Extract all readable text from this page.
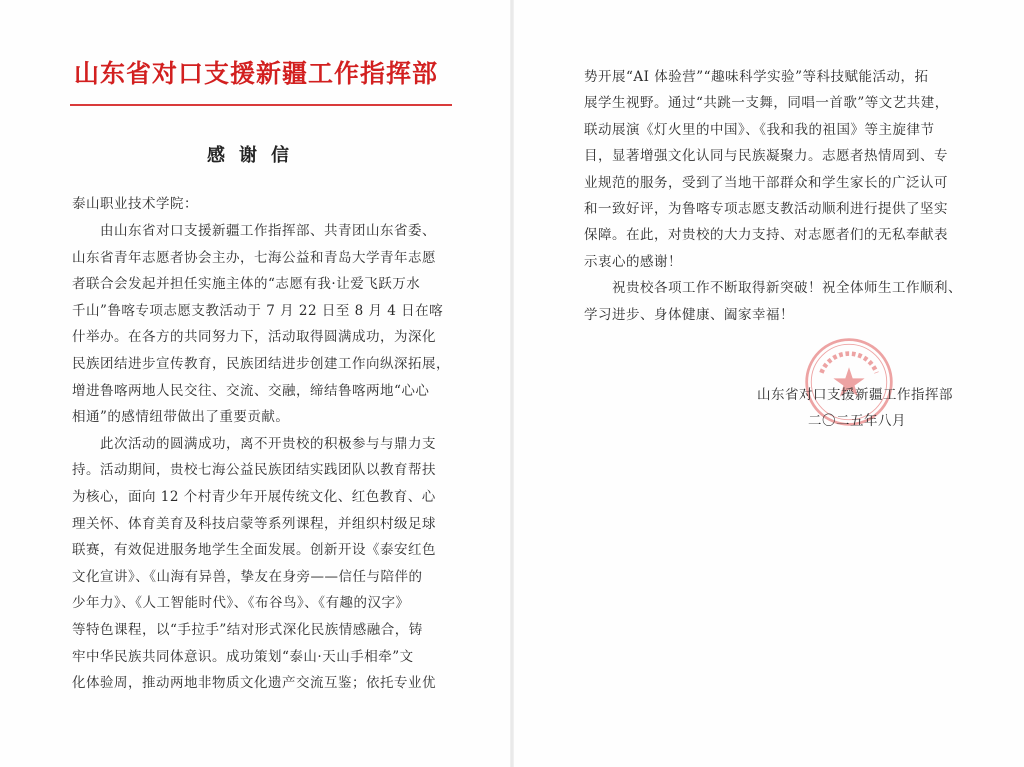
山东省对口支援新疆工作指挥部
感谢信
泰山职业技术学院：
　　由山东省对口支援新疆工作指挥部、共青团山东省委、
山东省青年志愿者协会主办，七海公益和青岛大学青年志愿
者联合会发起并担任实施主体的“志愿有我·让爱飞跃万水
千山”鲁喀专项志愿支教活动于 7 月 22 日至 8 月 4 日在喀
什举办。在各方的共同努力下，活动取得圆满成功，为深化
民族团结进步宣传教育，民族团结进步创建工作向纵深拓展，
增进鲁喀两地人民交往、交流、交融，缔结鲁喀两地“心心
相通”的感情纽带做出了重要贡献。
　　此次活动的圆满成功，离不开贵校的积极参与与鼎力支
持。活动期间，贵校七海公益民族团结实践团队以教育帮扶
为核心，面向 12 个村青少年开展传统文化、红色教育、心
理关怀、体育美育及科技启蒙等系列课程，并组织村级足球
联赛，有效促进服务地学生全面发展。创新开设《泰安红色
文化宣讲》、《山海有异兽，挚友在身旁——信任与陪伴的
少年力》、《人工智能时代》、《布谷鸟》、《有趣的汉字》
等特色课程，以“手拉手”结对形式深化民族情感融合，铸
牢中华民族共同体意识。成功策划“泰山·天山手相牵”文
化体验周，推动两地非物质文化遗产交流互鉴；依托专业优
势开展“AI 体验营”“趣味科学实验”等科技赋能活动，拓
展学生视野。通过“共跳一支舞，同唱一首歌”等文艺共建，
联动展演《灯火里的中国》、《我和我的祖国》等主旋律节
目，显著增强文化认同与民族凝聚力。志愿者热情周到、专
业规范的服务，受到了当地干部群众和学生家长的广泛认可
和一致好评，为鲁喀专项志愿支教活动顺利进行提供了坚实
保障。在此，对贵校的大力支持、对志愿者们的无私奉献表
示衷心的感谢！
　　祝贵校各项工作不断取得新突破！祝全体师生工作顺利、
学习进步、身体健康、阖家幸福！
山东省对口支援新疆工作指挥部
二〇二五年八月
